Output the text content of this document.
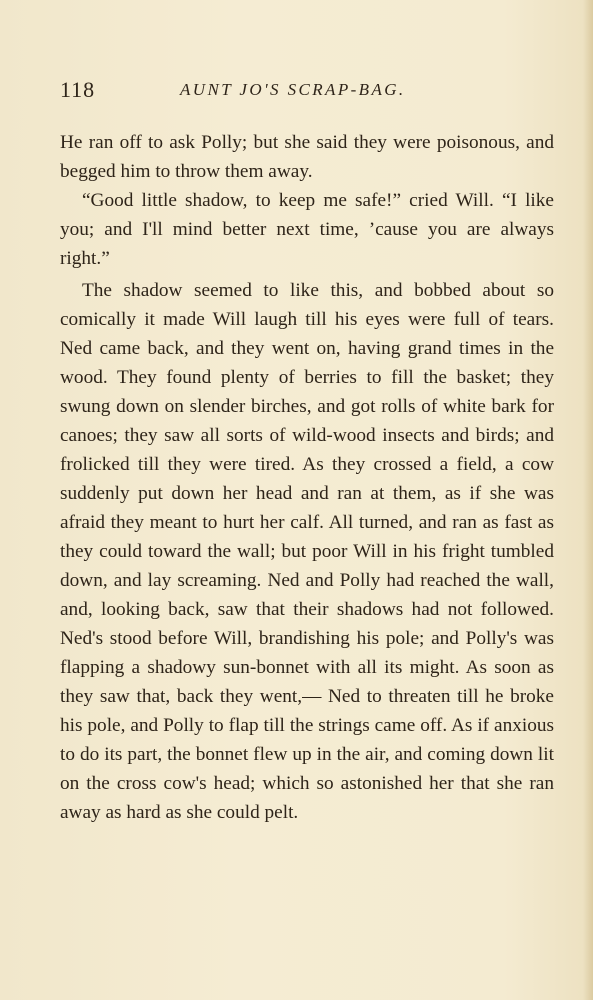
118	AUNT JO'S SCRAP-BAG.

He ran off to ask Polly; but she said they were poisonous, and begged him to throw them away.

“Good little shadow, to keep me safe!” cried Will. “I like you; and I'll mind better next time, ’cause you are always right.”

The shadow seemed to like this, and bobbed about so comically it made Will laugh till his eyes were full of tears. Ned came back, and they went on, having grand times in the wood. They found plenty of berries to fill the basket; they swung down on slender birches, and got rolls of white bark for canoes; they saw all sorts of wild-wood insects and birds; and frolicked till they were tired. As they crossed a field, a cow suddenly put down her head and ran at them, as if she was afraid they meant to hurt her calf. All turned, and ran as fast as they could toward the wall; but poor Will in his fright tumbled down, and lay screaming. Ned and Polly had reached the wall, and, looking back, saw that their shadows had not followed. Ned's stood before Will, brandishing his pole; and Polly's was flapping a shadowy sun-bonnet with all its might. As soon as they saw that, back they went,— Ned to threaten till he broke his pole, and Polly to flap till the strings came off. As if anxious to do its part, the bonnet flew up in the air, and coming down lit on the cross cow's head; which so astonished her that she ran away as hard as she could pelt.
